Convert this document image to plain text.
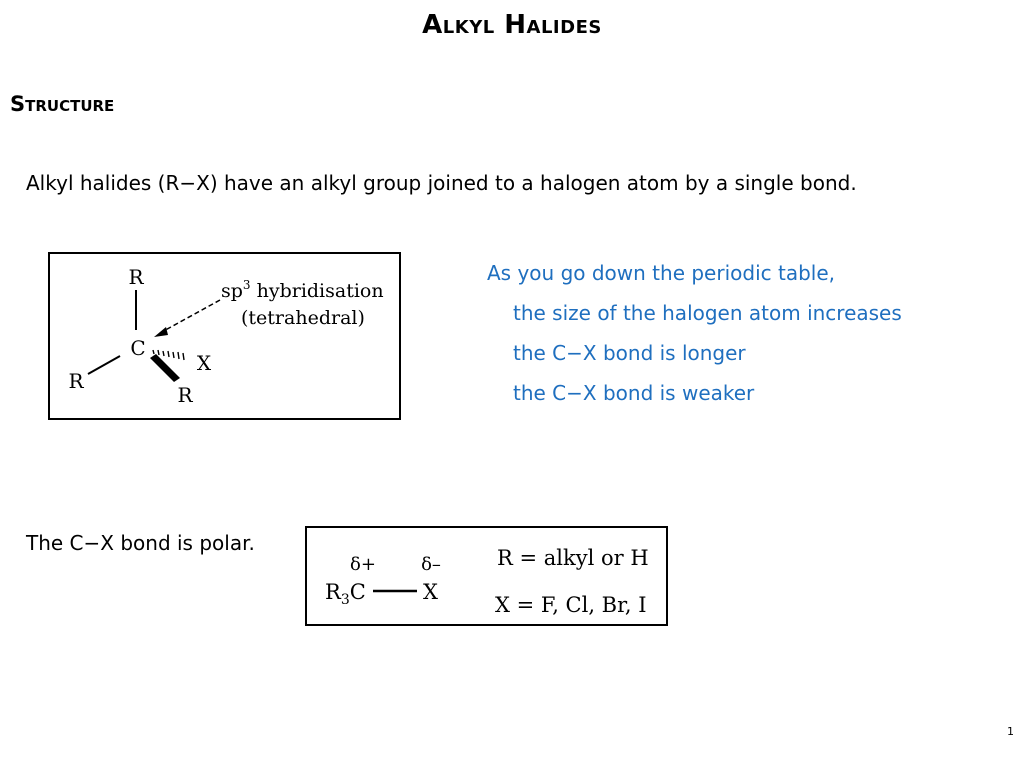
Alkyl Halides
Structure
Alkyl halides (R−X) have an alkyl group joined to a halogen atom by a single bond.
R
C
X
R
R
$sp^3$ hybridisation
(tetrahedral)
As you go down the periodic table,
the size of the halogen atom increases
the C−X bond is longer
the C−X bond is weaker
The C−X bond is polar.
δ+	δ–
$R_3C$	X
R = alkyl or H
X = F, Cl, Br, I
1
